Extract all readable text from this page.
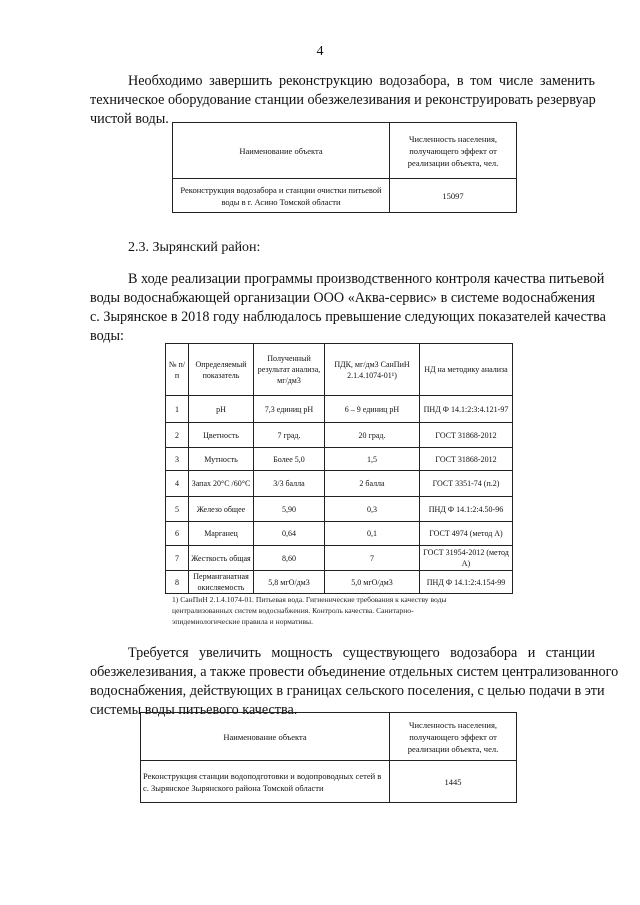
4
Необходимо завершить реконструкцию водозабора, в том числе заменить
техническое оборудование станции обезжелезивания и реконструировать резервуар
чистой воды.
Наименование объекта	Численность населения, получающего эффект от реализации объекта, чел.
Реконструкция водозабора и станции очистки питьевой воды в г. Асино Томской области	15097
2.3. Зырянский район:
В ходе реализации программы производственного контроля качества питьевой
воды водоснабжающей организации ООО «Аква-сервис» в системе водоснабжения
с. Зырянское в 2018 году наблюдалось превышение следующих показателей качества
воды:
№ п/п	Определяемый показатель	Полученный результат анализа, мг/дм3	ПДК, мг/дм3 СанПиН 2.1.4.1074-01¹)	НД на методику анализа
1	pH	7,3 единиц pH	6 – 9 единиц pH	ПНД Ф 14.1:2:3:4.121-97
2	Цветность	7 град.	20 град.	ГОСТ 31868-2012
3	Мутность	Более 5,0	1,5	ГОСТ 31868-2012
4	Запах 20°С /60°С	3/3 балла	2 балла	ГОСТ 3351-74 (п.2)
5	Железо общее	5,90	0,3	ПНД Ф 14.1:2:4.50-96
6	Марганец	0,64	0,1	ГОСТ 4974 (метод А)
7	Жесткость общая	8,60	7	ГОСТ 31954-2012 (метод А)
8	Перманганатная окисляемость	5,8 мгО/дм3	5,0 мгО/дм3	ПНД Ф 14.1:2:4.154-99
1) СанПиН 2.1.4.1074-01. Питьевая вода. Гигиенические требования к качеству воды
централизованных систем водоснабжения. Контроль качества. Санитарно-
эпидемиологические правила и нормативы.
Требуется увеличить мощность существующего водозабора и станции
обезжелезивания, а также провести объединение отдельных систем централизованного
водоснабжения, действующих в границах сельского поселения, с целью подачи в эти
системы воды питьевого качества.
Наименование объекта	Численность населения, получающего эффект от реализации объекта, чел.
Реконструкция станции водоподготовки и водопроводных сетей в с. Зырянское Зырянского района Томской области	1445
